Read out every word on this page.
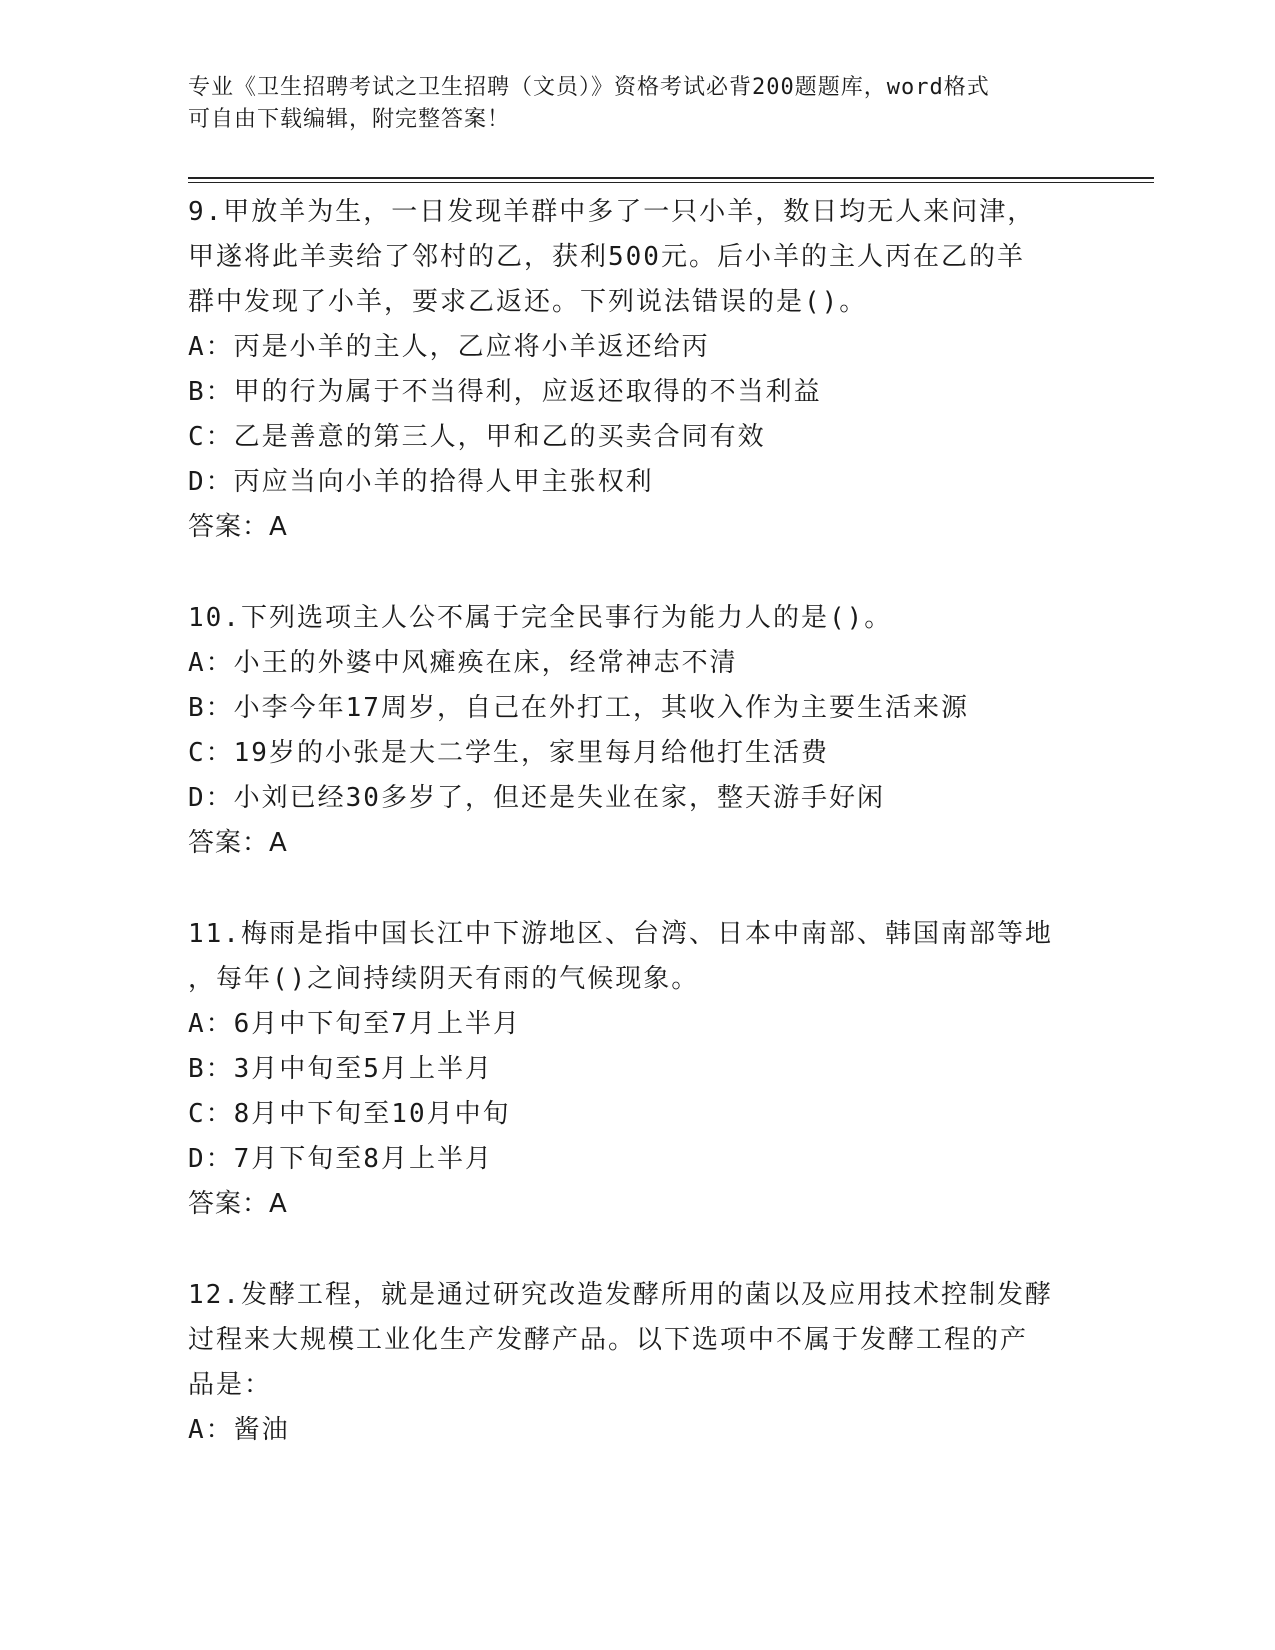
专业《卫生招聘考试之卫生招聘（文员）》资格考试必背200题题库，word格式
可自由下载编辑，附完整答案！

9.甲放羊为生，一日发现羊群中多了一只小羊，数日均无人来问津，

甲遂将此羊卖给了邻村的乙，获利500元。后小羊的主人丙在乙的羊

群中发现了小羊，要求乙返还。下列说法错误的是()。

A：丙是小羊的主人，乙应将小羊返还给丙

B：甲的行为属于不当得利，应返还取得的不当利益

C：乙是善意的第三人，甲和乙的买卖合同有效

D：丙应当向小羊的拾得人甲主张权利

答案：A

10.下列选项主人公不属于完全民事行为能力人的是()。

A：小王的外婆中风瘫痪在床，经常神志不清

B：小李今年17周岁，自己在外打工，其收入作为主要生活来源

C：19岁的小张是大二学生，家里每月给他打生活费

D：小刘已经30多岁了，但还是失业在家，整天游手好闲

答案：A

11.梅雨是指中国长江中下游地区、台湾、日本中南部、韩国南部等地

，每年()之间持续阴天有雨的气候现象。

A：6月中下旬至7月上半月

B：3月中旬至5月上半月

C：8月中下旬至10月中旬

D：7月下旬至8月上半月

答案：A

12.发酵工程，就是通过研究改造发酵所用的菌以及应用技术控制发酵

过程来大规模工业化生产发酵产品。以下选项中不属于发酵工程的产

品是：

A：酱油
